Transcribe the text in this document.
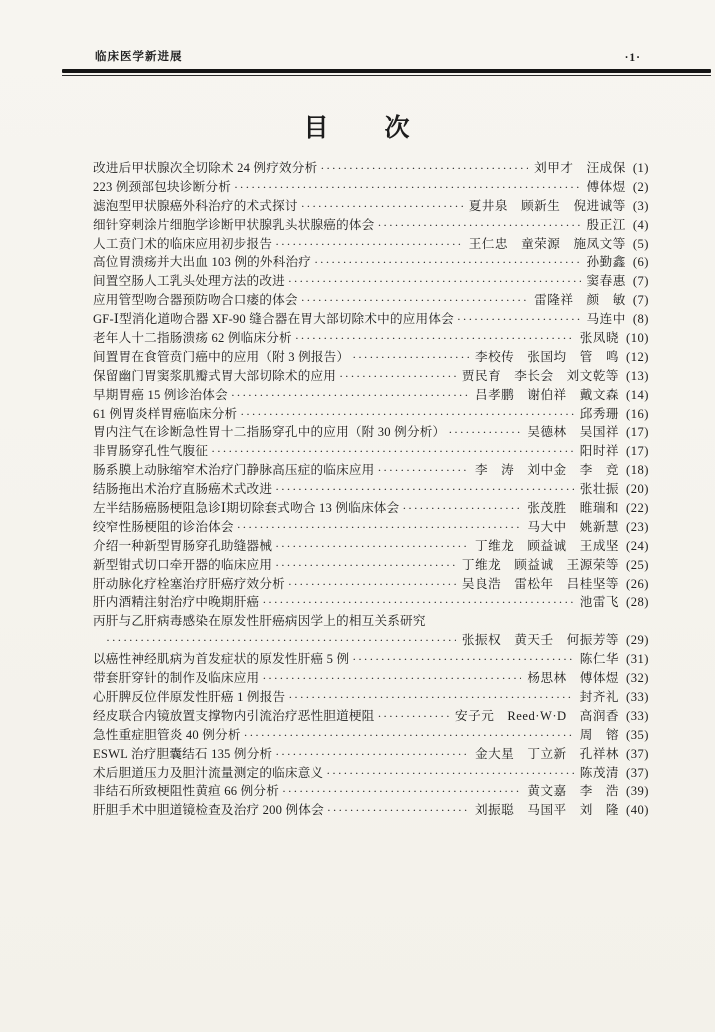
临床医学新进展	·1·
目　　次
改进后甲状腺次全切除术 24 例疗效分析 ·····	刘甲才　汪成保 (1)
223 例颈部包块诊断分析 ·····	傅体煜 (2)
滤泡型甲状腺癌外科治疗的术式探讨 ·····	夏井泉　顾新生　倪进诚等 (3)
细针穿刺涂片细胞学诊断甲状腺乳头状腺癌的体会 ·····	殷正江 (4)
人工贲门术的临床应用初步报告 ·····	王仁忠　童荣源　施凤文等 (5)
高位胃溃疡并大出血 103 例的外科治疗 ·····	孙勤鑫 (6)
间置空肠人工乳头处理方法的改进 ·····	窦春惠 (7)
应用管型吻合器预防吻合口瘘的体会 ·····	雷隆祥　颜　敏 (7)
GF-Ⅰ型消化道吻合器 XF-90 缝合器在胃大部切除术中的应用体会 ·····	马连中 (8)
老年人十二指肠溃疡 62 例临床分析 ·····	张凤晓 (10)
间置胃在食管贲门癌中的应用（附 3 例报告） ·····	李校传　张国均　管　鸣 (12)
保留幽门胃窦浆肌瓣式胃大部切除术的应用 ·····	贾民育　李长会　刘文乾等 (13)
早期胃癌 15 例诊治体会 ·····	吕孝鹏　谢伯祥　戴文森 (14)
61 例胃炎样胃癌临床分析 ·····	邱秀珊 (16)
胃内注气在诊断急性胃十二指肠穿孔中的应用（附 30 例分析） ·····	吴德林　吴国祥 (17)
非胃肠穿孔性气腹征 ·····	阳时祥 (17)
肠系膜上动脉缩窄术治疗门静脉高压症的临床应用 ·····	李　涛　刘中金　李　竞 (18)
结肠拖出术治疗直肠癌术式改进 ·····	张壮振 (20)
左半结肠癌肠梗阻急诊Ⅰ期切除套式吻合 13 例临床体会 ·····	张茂胜　睢瑞和 (22)
绞窄性肠梗阻的诊治体会 ·····	马大中　姚新慧 (23)
介绍一种新型胃肠穿孔助缝器械 ·····	丁维龙　顾益诚　王成坚 (24)
新型钳式切口牵开器的临床应用 ·····	丁维龙　顾益诚　王源荣等 (25)
肝动脉化疗栓塞治疗肝癌疗效分析 ·····	吴良浩　雷松年　吕桂坚等 (26)
肝内酒精注射治疗中晚期肝癌 ·····	池雷飞 (28)
丙肝与乙肝病毒感染在原发性肝癌病因学上的相互关系研究
·····
张振权　黄天壬　何振芳等 (29)
以癌性神经肌病为首发症状的原发性肝癌 5 例 ·····	陈仁华 (31)
带套肝穿针的制作及临床应用 ·····	杨思林　傅体煜 (32)
心肝脾反位伴原发性肝癌 1 例报告 ·····	封齐礼 (33)
经皮联合内镜放置支撑物内引流治疗恶性胆道梗阻 ·····	安子元　Reed·W·D　高润香 (33)
急性重症胆管炎 40 例分析 ·····	周　镕 (35)
ESWL 治疗胆囊结石 135 例分析 ·····	金大星　丁立新　孔祥林 (37)
术后胆道压力及胆汁流量测定的临床意义 ·····	陈茂清 (37)
非结石所致梗阻性黄疸 66 例分析 ·····	黄文嘉　李　浩 (39)
肝胆手术中胆道镜检查及治疗 200 例体会 ·····	刘振聪　马国平　刘　隆 (40)
